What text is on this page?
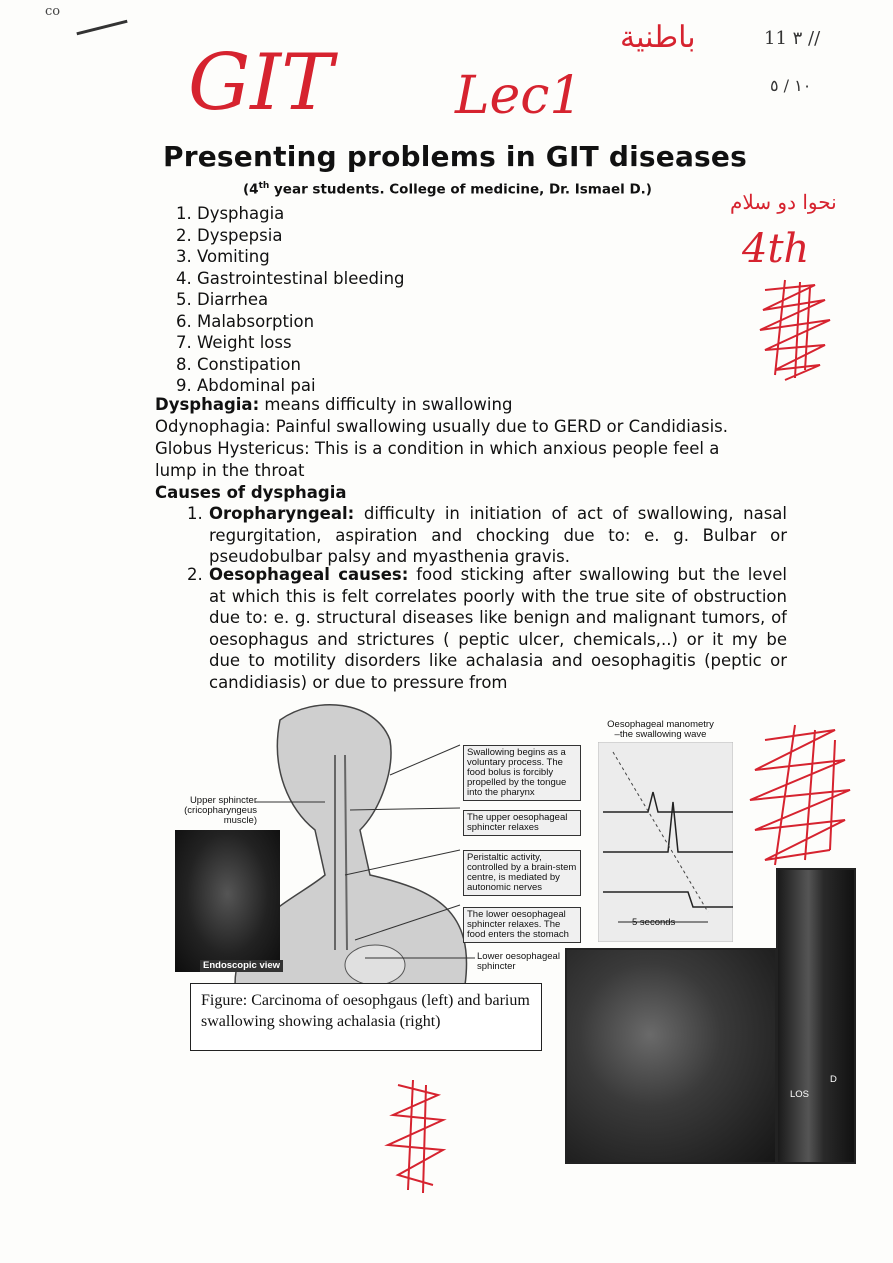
co
GIT Lec1
باطنية	11 ٣ //
١٠ / ٥
نحوا دو سلام
4th
Presenting problems in GIT diseases
(4th year students. College of medicine, Dr. Ismael D.)
1. Dysphagia
2. Dyspepsia
3. Vomiting
4. Gastrointestinal bleeding
5. Diarrhea
6. Malabsorption
7. Weight loss
8. Constipation
9. Abdominal pai
Dysphagia: means difficulty in swallowing
Odynophagia: Painful swallowing usually due to GERD or Candidiasis.
Globus Hystericus: This is a condition in which anxious people feel a
lump in the throat
Causes of dysphagia
1. Oropharyngeal: difficulty in initiation of act of swallowing, nasal regurgitation, aspiration and chocking due to: e. g. Bulbar or pseudobulbar palsy and myasthenia gravis.
2. Oesophageal causes: food sticking after swallowing but the level at which this is felt correlates poorly with the true site of obstruction due to: e. g. structural diseases like benign and malignant tumors, of oesophagus and strictures ( peptic ulcer, chemicals,..) or it my be due to motility disorders like achalasia and oesophagitis (peptic or candidiasis) or due to pressure from
Swallowing begins as a voluntary process. The food bolus is forcibly propelled by the tongue into the pharynx
The upper oesophageal sphincter relaxes
Peristaltic activity, controlled by a brain-stem centre, is mediated by autonomic nerves
The lower oesophageal sphincter relaxes. The food enters the stomach
Upper sphincter
(cricopharyngeus
muscle)
Lower oesophageal
sphincter
Endoscopic view
Oesophageal manometry
–the swallowing wave
5 seconds
Figure: Carcinoma of oesophgaus (left) and barium swallowing showing achalasia (right)
LOS
D
